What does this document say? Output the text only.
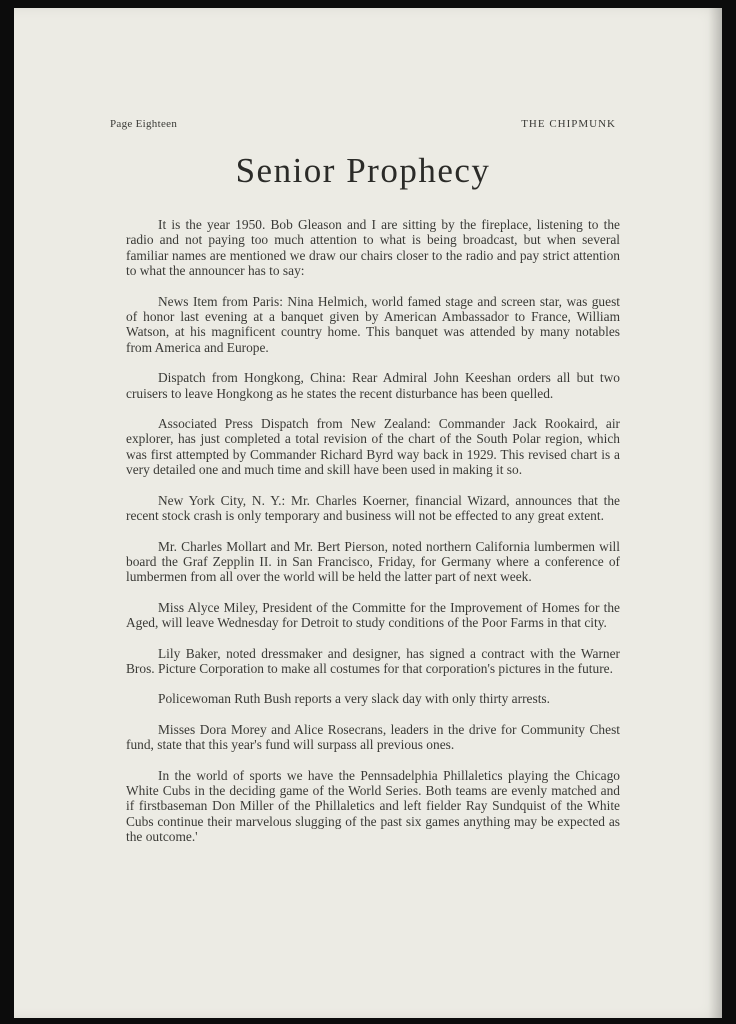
Page Eighteen	THE CHIPMUNK
Senior Prophecy

It is the year 1950. Bob Gleason and I are sitting by the fireplace, listening to the radio and not paying too much attention to what is being broadcast, but when several familiar names are mentioned we draw our chairs closer to the radio and pay strict attention to what the announcer has to say:

News Item from Paris: Nina Helmich, world famed stage and screen star, was guest of honor last evening at a banquet given by American Ambassador to France, William Watson, at his magnificent country home. This banquet was attended by many notables from America and Europe.

Dispatch from Hongkong, China: Rear Admiral John Keeshan orders all but two cruisers to leave Hongkong as he states the recent disturbance has been quelled.

Associated Press Dispatch from New Zealand: Commander Jack Rookaird, air explorer, has just completed a total revision of the chart of the South Polar region, which was first attempted by Commander Richard Byrd way back in 1929. This revised chart is a very detailed one and much time and skill have been used in making it so.

New York City, N. Y.: Mr. Charles Koerner, financial Wizard, announces that the recent stock crash is only temporary and business will not be effected to any great extent.

Mr. Charles Mollart and Mr. Bert Pierson, noted northern California lumbermen will board the Graf Zepplin II. in San Francisco, Friday, for Germany where a conference of lumbermen from all over the world will be held the latter part of next week.

Miss Alyce Miley, President of the Committe for the Improvement of Homes for the Aged, will leave Wednesday for Detroit to study conditions of the Poor Farms in that city.

Lily Baker, noted dressmaker and designer, has signed a contract with the Warner Bros. Picture Corporation to make all costumes for that corporation's pictures in the future.

Policewoman Ruth Bush reports a very slack day with only thirty arrests.

Misses Dora Morey and Alice Rosecrans, leaders in the drive for Community Chest fund, state that this year's fund will surpass all previous ones.

In the world of sports we have the Pennsadelphia Phillaletics playing the Chicago White Cubs in the deciding game of the World Series. Both teams are evenly matched and if firstbaseman Don Miller of the Phillaletics and left fielder Ray Sundquist of the White Cubs continue their marvelous slugging of the past six games anything may be expected as the outcome.'
